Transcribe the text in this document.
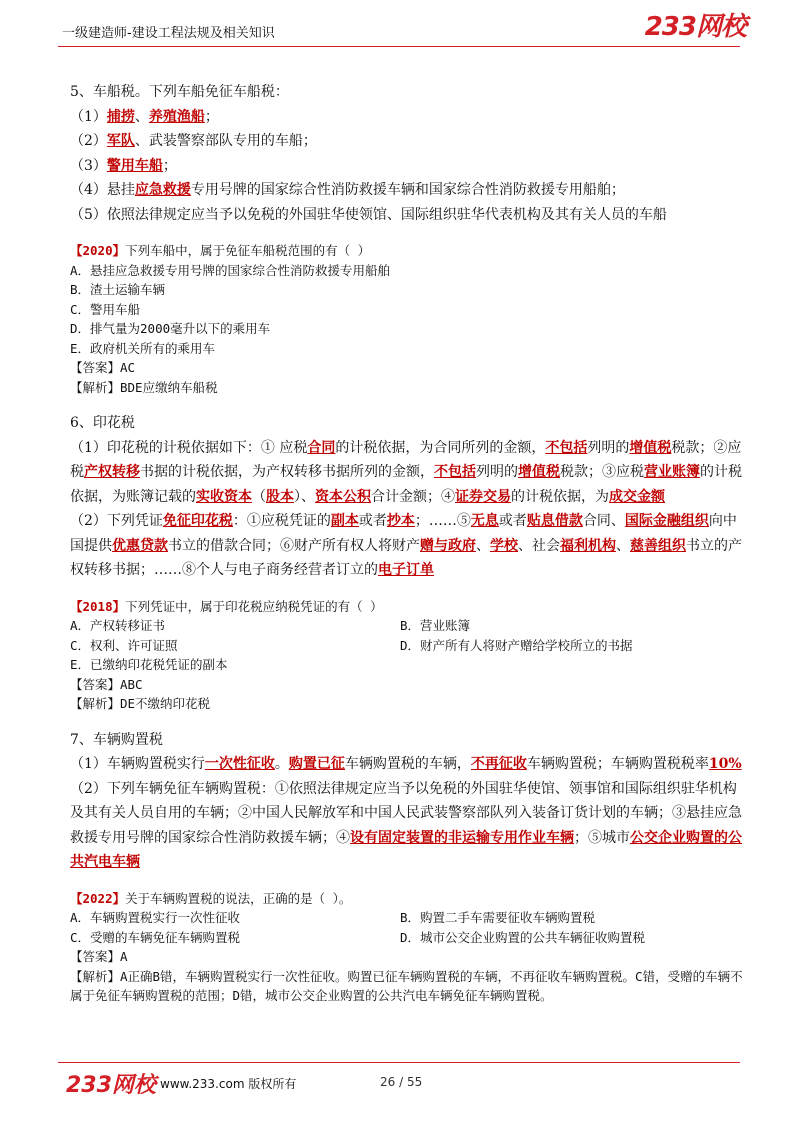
一级建造师-建设工程法规及相关知识	233网校

5、车船税。下列车船免征车船税：

（1）捕捞、养殖渔船；

（2）军队、武装警察部队专用的车船；

（3）警用车船；

（4）悬挂应急救援专用号牌的国家综合性消防救援车辆和国家综合性消防救援专用船舶；

（5）依照法律规定应当予以免税的外国驻华使领馆、国际组织驻华代表机构及其有关人员的车船

【2020】下列车船中，属于免征车船税范围的有（ ）
A．悬挂应急救援专用号牌的国家综合性消防救援专用船舶
B．渣土运输车辆
C．警用车船
D．排气量为2000毫升以下的乘用车
E．政府机关所有的乘用车
【答案】AC
【解析】BDE应缴纳车船税

6、印花税

（1）印花税的计税依据如下：① 应税合同的计税依据，为合同所列的金额，不包括列明的增值税税款；②应税产权转移书据的计税依据，为产权转移书据所列的金额，不包括列明的增值税税款；③应税营业账簿的计税依据，为账簿记载的实收资本（股本）、资本公积合计金额；④证券交易的计税依据，为成交金额

（2）下列凭证免征印花税：①应税凭证的副本或者抄本；……⑤无息或者贴息借款合同、国际金融组织向中国提供优惠贷款书立的借款合同；⑥财产所有权人将财产赠与政府、学校、社会福利机构、慈善组织书立的产权转移书据；……⑧个人与电子商务经营者订立的电子订单

【2018】下列凭证中，属于印花税应纳税凭证的有（ ）
A．产权转移证书	B．营业账簿
C．权利、许可证照	D．财产所有人将财产赠给学校所立的书据
E．已缴纳印花税凭证的副本
【答案】ABC
【解析】DE不缴纳印花税

7、车辆购置税

（1）车辆购置税实行一次性征收。购置已征车辆购置税的车辆，不再征收车辆购置税；车辆购置税税率10%

（2）下列车辆免征车辆购置税：①依照法律规定应当予以免税的外国驻华使馆、领事馆和国际组织驻华机构及其有关人员自用的车辆；②中国人民解放军和中国人民武装警察部队列入装备订货计划的车辆；③悬挂应急救援专用号牌的国家综合性消防救援车辆；④设有固定装置的非运输专用作业车辆；⑤城市公交企业购置的公共汽电车辆

【2022】关于车辆购置税的说法，正确的是（ ）。
A．车辆购置税实行一次性征收	B．购置二手车需要征收车辆购置税
C．受赠的车辆免征车辆购置税	D．城市公交企业购置的公共车辆征收购置税
【答案】A
【解析】A正确B错，车辆购置税实行一次性征收。购置已征车辆购置税的车辆，不再征收车辆购置税。C错，受赠的车辆不属于免征车辆购置税的范围；D错，城市公交企业购置的公共汽电车辆免征车辆购置税。
233网校 www.233.com 版权所有	26 / 55
